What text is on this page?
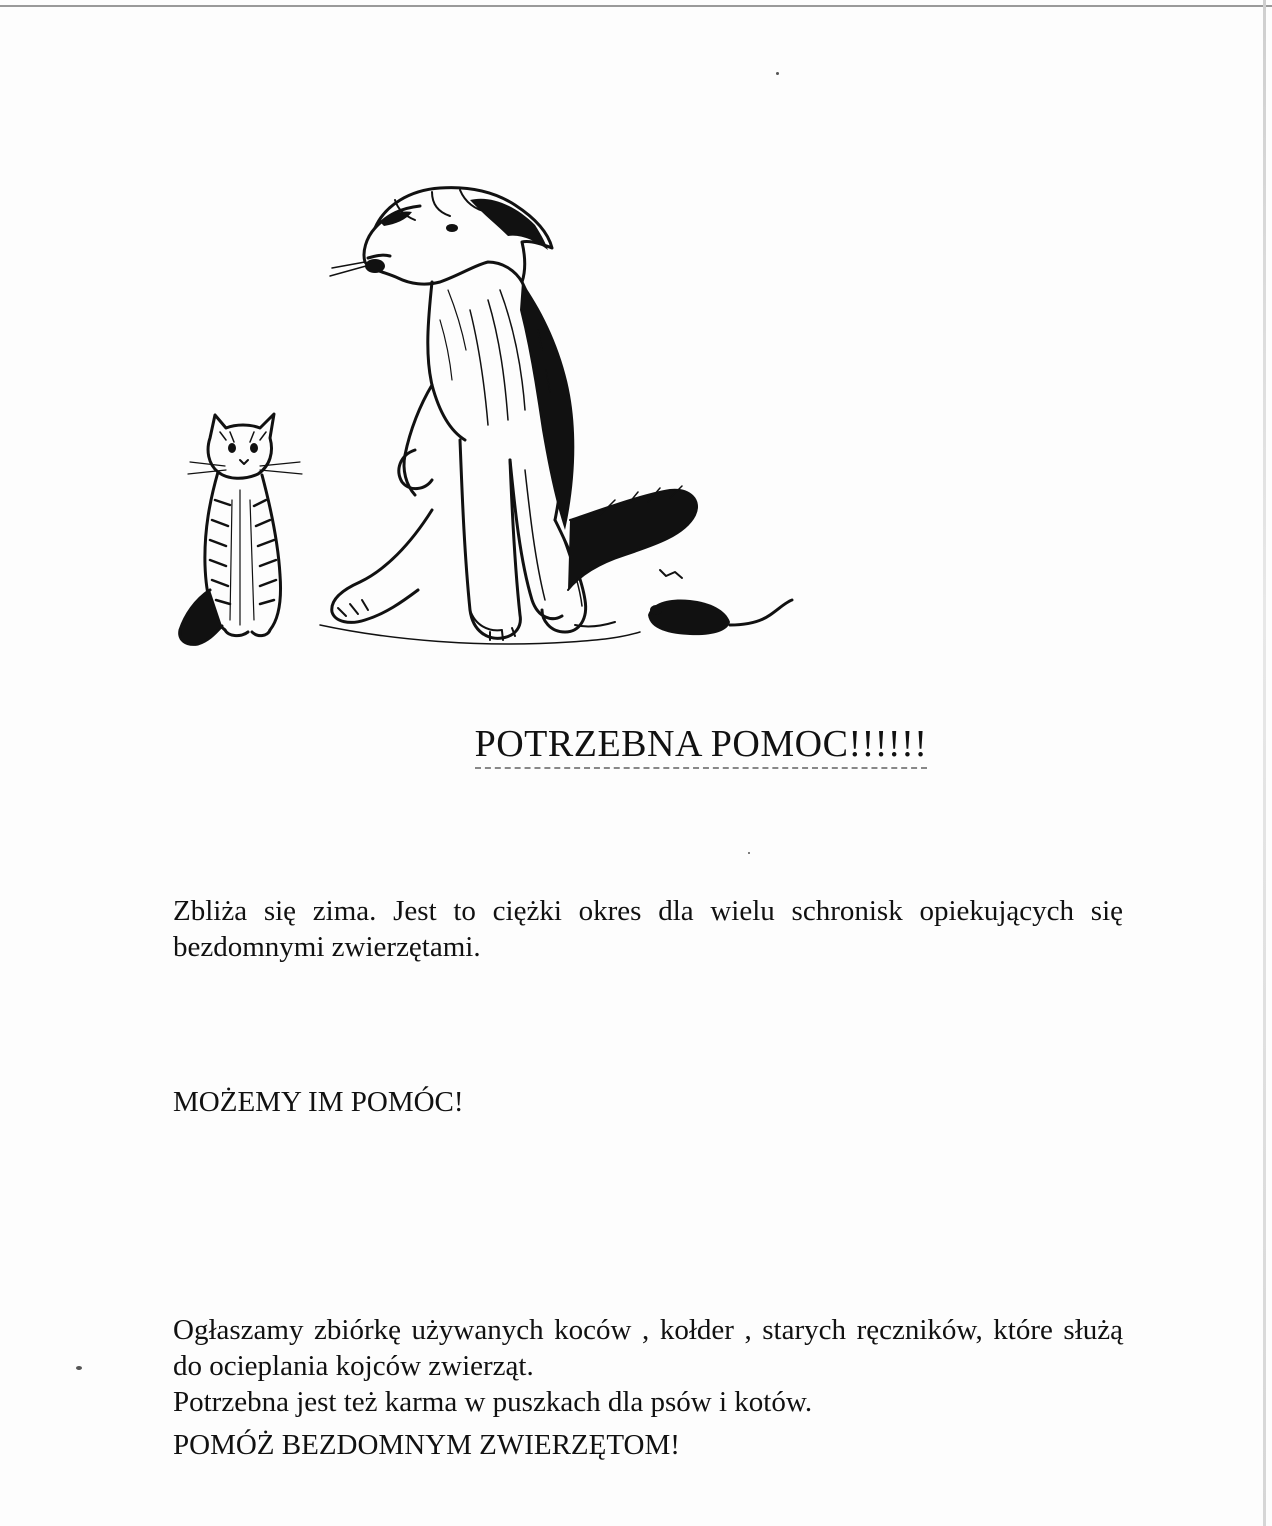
POTRZEBNA POMOC!!!!!!

Zbliża się zima. Jest to ciężki okres dla wielu schronisk opiekujących się bezdomnymi zwierzętami.

MOŻEMY IM POMÓC!

Ogłaszamy zbiórkę używanych koców , kołder , starych ręczników, które służą do ocieplania kojców zwierząt.

Potrzebna jest też karma w puszkach dla psów i kotów.

POMÓŻ BEZDOMNYM ZWIERZĘTOM!
